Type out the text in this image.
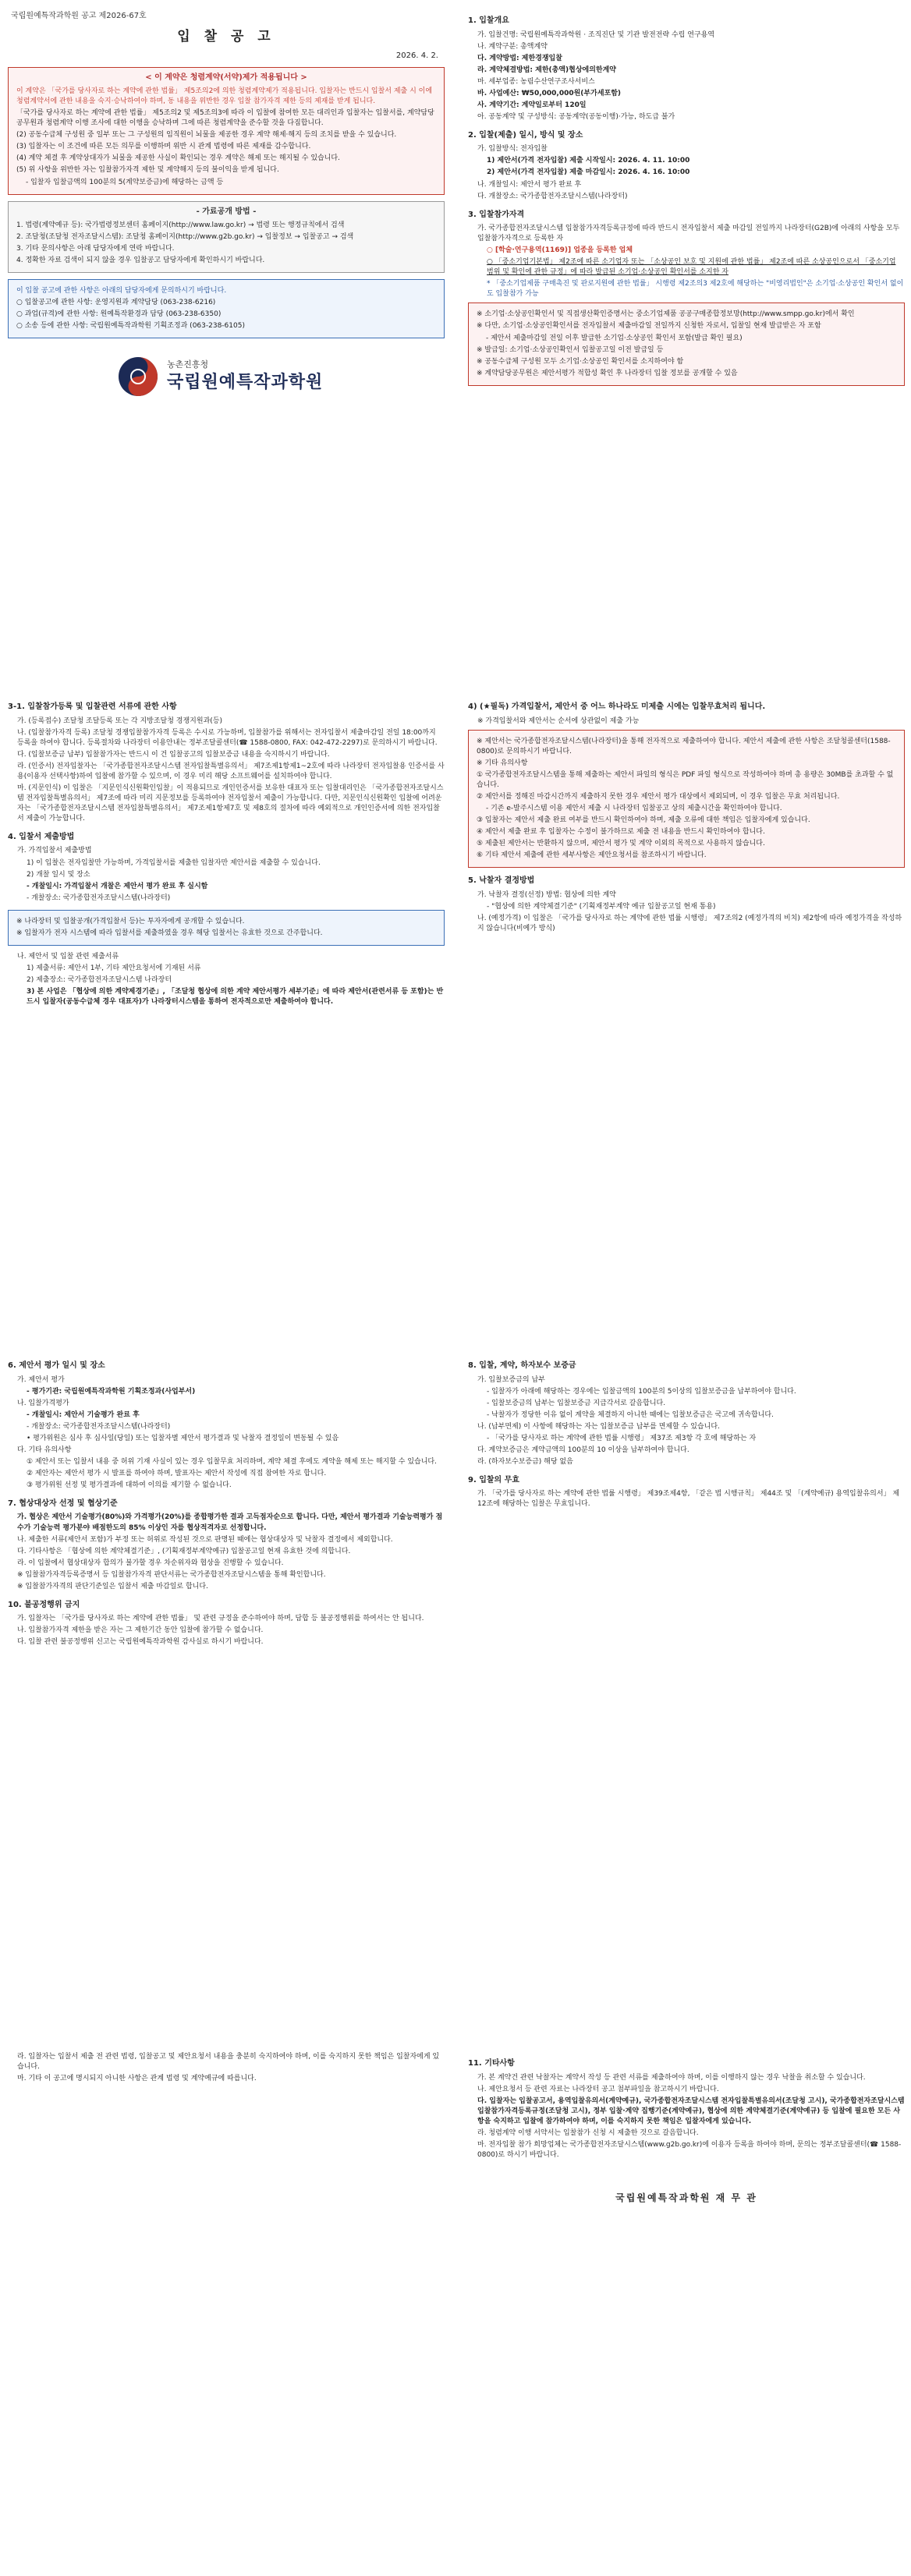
국립원예특작과학원 공고 제2026-67호
입 찰 공 고
2026. 4. 2.
< 이 계약은 청렴계약(서약)제가 적용됩니다 >
이 계약은 「국가를 당사자로 하는 계약에 관한 법률」 제5조의2에 의한 청렴계약제가 적용됩니다. 입찰자는 반드시 입찰서 제출 시 이에 청렴계약서에 관한 내용을 숙지·승낙하여야 하며, 동 내용을 위반한 경우 입찰 참가자격 제한 등의 제재를 받게 됩니다.
「국가를 당사자로 하는 계약에 관한 법률」 제5조의2 및 제5조의3에 따라 이 입찰에 참여한 모든 대리인과 입찰자는 입찰서를, 계약담당공무원과 청렴계약 이행 조사에 대한 이행을 승낙하며 그에 따른 청렴계약을 준수할 것을 다짐합니다.
(2) 공동수급체 구성원 중 일부 또는 그 구성원의 임직원이 뇌물을 제공한 경우 계약 해제·해지 등의 조치를 받을 수 있습니다.
(3) 입찰자는 이 조건에 따른 모든 의무를 이행하며 위반 시 관계 법령에 따른 제재를 감수합니다.
(4) 계약 체결 후 계약상대자가 뇌물을 제공한 사실이 확인되는 경우 계약은 해제 또는 해지될 수 있습니다.
(5) 위 사항을 위반한 자는 입찰참가자격 제한 및 계약해지 등의 불이익을 받게 됩니다.
- 입찰자 입찰금액의 100분의 5(계약보증금)에 해당하는 금액 등
- 가료공개 방법 -
1. 법령(계약예규 등): 국가법령정보센터 홈페이지(http://www.law.go.kr) → 법령 또는 행정규칙에서 검색
2. 조달청(조달청 전자조달시스템): 조달청 홈페이지(http://www.g2b.go.kr) → 입찰정보 → 입찰공고 → 검색
3. 기타 문의사항은 아래 담당자에게 연락 바랍니다.
4. 정확한 자료 검색이 되지 않을 경우 입찰공고 담당자에게 확인하시기 바랍니다.
이 입찰 공고에 관한 사항은 아래의 담당자에게 문의하시기 바랍니다.
○ 입찰공고에 관한 사항: 운영지원과 계약담당 (063-238-6216)
○ 과업(규격)에 관한 사항: 원예특작환경과 담당 (063-238-6350)
○ 소송 등에 관한 사항: 국립원예특작과학원 기획조정과 (063-238-6105)
농촌진흥청
국립원예특작과학원
1. 입찰개요
가. 입찰건명: 국립원예특작과학원 · 조직진단 및 기관 발전전략 수립 연구용역
나. 계약구분: 총액계약
다. 계약방법: 제한경쟁입찰
라. 계약체결방법: 제한(총액)협상에의한계약
마. 세부업종: 농림수산연구조사서비스
바. 사업예산: ₩50,000,000원(부가세포함)
사. 계약기간: 계약일로부터 120일
아. 공동계약 및 구성방식: 공동계약(공동이행)·가능, 하도급 불가
2. 입찰(제출) 일시, 방식 및 장소
가. 입찰방식: 전자입찰
1) 제안서(가격 전자입찰) 제출 시작일시: 2026. 4. 11. 10:00
2) 제안서(가격 전자입찰) 제출 마감일시: 2026. 4. 16. 10:00
나. 개찰일시: 제안서 평가 완료 후
다. 개찰장소: 국가종합전자조달시스템(나라장터)
3. 입찰참가자격
가. 국가종합전자조달시스템 입찰참가자격등록규정에 따라 반드시 전자입찰서 제출 마감일 전일까지 나라장터(G2B)에 아래의 사항을 모두 입찰참가자격으로 등록한 자
○ [학술·연구용역(1169)] 업종을 등록한 업체
○ 「중소기업기본법」 제2조에 따른 소기업자 또는 「소상공인 보호 및 지원에 관한 법률」 제2조에 따른 소상공인으로서 「중소기업 범위 및 확인에 관한 규정」에 따라 발급된 소기업·소상공인 확인서를 소지한 자
* 「중소기업제품 구매촉진 및 판로지원에 관한 법률」 시행령 제2조의3 제2호에 해당하는 "비영리법인"은 소기업·소상공인 확인서 없이도 입찰참가 가능
※ 소기업·소상공인확인서 및 직접생산확인증명서는 중소기업제품 공공구매종합정보망(http://www.smpp.go.kr)에서 확인
※ 다만, 소기업·소상공인확인서를 전자입찰서 제출마감일 전일까지 신청한 자로서, 입찰일 현재 발급받은 자 포함
- 제안서 제출마감일 전일 이후 발급한 소기업·소상공인 확인서 포함(발급 확인 필요)
※ 발급일: 소기업·소상공인확인서 입찰공고일 이전 발급일 등
※ 공동수급체 구성원 모두 소기업·소상공인 확인서를 소지하여야 함
※ 계약담당공무원은 제안서평가 적합성 확인 후 나라장터 입찰 정보를 공개할 수 있음
3-1. 입찰참가등록 및 입찰관련 서류에 관한 사항
가. (등록접수) 조달청 조달등록 또는 각 지방조달청 경쟁지원과(등)
나. (입찰참가자격 등록) 조달청 경쟁입찰참가자격 등록은 수시로 가능하며, 입찰참가를 위해서는 전자입찰서 제출마감일 전일 18:00까지 등록을 하여야 합니다. 등록절차와 나라장터 이용안내는 정부조달콜센터(☎ 1588-0800, FAX: 042-472-2297)로 문의하시기 바랍니다.
다. (입찰보증금 납부) 입찰참가자는 반드시 이 건 입찰공고의 입찰보증금 내용을 숙지하시기 바랍니다.
라. (인증서) 전자입찰자는 「국가종합전자조달시스템 전자입찰특별유의서」 제7조제1항제1~2호에 따라 나라장터 전자입찰용 인증서를 사용(이용자 선택사항)하여 입찰에 참가할 수 있으며, 이 경우 미리 해당 소프트웨어를 설치하여야 합니다.
마. (지문인식) 이 입찰은 「지문인식신원확인입찰」이 적용되므로 개인인증서를 보유한 대표자 또는 입찰대리인은 「국가종합전자조달시스템 전자입찰특별유의서」 제7조에 따라 미리 지문정보를 등록하여야 전자입찰서 제출이 가능합니다. 다만, 지문인식신원확인 입찰에 어려운 자는 「국가종합전자조달시스템 전자입찰특별유의서」 제7조제1항제7호 및 제8호의 절차에 따라 예외적으로 개인인증서에 의한 전자입찰서 제출이 가능합니다.
4. 입찰서 제출방법
가. 가격입찰서 제출방법
1) 이 입찰은 전자입찰만 가능하며, 가격입찰서를 제출한 입찰자만 제안서를 제출할 수 있습니다.
2) 개찰 일시 및 장소
- 개찰일시: 가격입찰서 개찰은 제안서 평가 완료 후 실시함
- 개찰장소: 국가종합전자조달시스템(나라장터)
※ 나라장터 및 입찰공개(가격입찰서 등)는 투자자에게 공개할 수 있습니다.
※ 입찰자가 전자 시스템에 따라 입찰서를 제출하였을 경우 해당 입찰서는 유효한 것으로 간주합니다.
나. 제안서 및 입찰 관련 제출서류
1) 제출서류: 제안서 1부, 기타 제안요청서에 기재된 서류
2) 제출장소: 국가종합전자조달시스템 나라장터
3) 본 사업은 「협상에 의한 계약제경기준」, 「조달청 협상에 의한 계약 제안서평가 세부기준」에 따라 제안서(관련서류 등 포함)는 반드시 입찰자(공동수급체 경우 대표자)가 나라장터시스템을 통하여 전자적으로만 제출하여야 합니다.
4) (★필독) 가격입찰서, 제안서 중 어느 하나라도 미제출 시에는 입찰무효처리 됩니다.
※ 가격입찰서와 제안서는 순서에 상관없이 제출 가능
※ 제안서는 국가종합전자조달시스템(나라장터)을 통해 전자적으로 제출하여야 합니다. 제안서 제출에 관한 사항은 조달청콜센터(1588-0800)로 문의하시기 바랍니다.
※ 기타 유의사항
① 국가종합전자조달시스템을 통해 제출하는 제안서 파일의 형식은 PDF 파일 형식으로 작성하여야 하며 총 용량은 30MB를 초과할 수 없습니다.
② 제안서를 정해진 마감시간까지 제출하지 못한 경우 제안서 평가 대상에서 제외되며, 이 경우 입찰은 무효 처리됩니다.
- 기존 e-발주시스템 이용 제안서 제출 시 나라장터 입찰공고 상의 제출시간을 확인하여야 합니다.
③ 입찰자는 제안서 제출 완료 여부를 반드시 확인하여야 하며, 제출 오류에 대한 책임은 입찰자에게 있습니다.
④ 제안서 제출 완료 후 입찰자는 수정이 불가하므로 제출 전 내용을 반드시 확인하여야 합니다.
⑤ 제출된 제안서는 반환하지 않으며, 제안서 평가 및 계약 이외의 목적으로 사용하지 않습니다.
⑥ 기타 제안서 제출에 관한 세부사항은 제안요청서를 참조하시기 바랍니다.
5. 낙찰자 결정방법
가. 낙찰자 결정(선정) 방법: 협상에 의한 계약
- "협상에 의한 계약체결기준" (기획재정부계약 예규 입찰공고일 현재 통용)
나. (예정가격) 이 입찰은 「국가를 당사자로 하는 계약에 관한 법률 시행령」 제7조의2 (예정가격의 비치) 제2항에 따라 예정가격을 작성하지 않습니다(비예가 방식)
6. 제안서 평가 일시 및 장소
가. 제안서 평가
- 평가기관: 국립원예특작과학원 기획조정과(사업부서)
나. 입찰가격평가
- 개찰일시: 제안서 기술평가 완료 후
- 개찰장소: 국가종합전자조달시스템(나라장터)
• 평가위원은 심사 후 심사일(당일) 또는 입찰자별 제안서 평가결과 및 낙찰자 결정일이 변동될 수 있음
다. 기타 유의사항
① 제안서 또는 입찰서 내용 중 허위 기재 사실이 있는 경우 입찰무효 처리하며, 계약 체결 후에도 계약을 해제 또는 해지할 수 있습니다.
② 제안자는 제안서 평가 시 발표를 하여야 하며, 발표자는 제안서 작성에 직접 참여한 자로 합니다.
③ 평가위원 선정 및 평가결과에 대하여 이의를 제기할 수 없습니다.
7. 협상대상자 선정 및 협상기준
가. 협상은 제안서 기술평가(80%)와 가격평가(20%)를 종합평가한 결과 고득점자순으로 합니다. 다만, 제안서 평가결과 기술능력평가 점수가 기술능력 평가분야 배점한도의 85% 이상인 자를 협상적격자로 선정합니다.
나. 제출한 서류(제안서 포함)가 부정 또는 허위로 작성된 것으로 판명된 때에는 협상대상자 및 낙찰자 결정에서 제외합니다.
다. 기타사항은 「협상에 의한 계약체결기준」, (기획재정부계약예규) 입찰공고일 현재 유효한 것에 의합니다.
라. 이 입찰에서 협상대상자 합의가 불가할 경우 차순위자와 협상을 진행할 수 있습니다.
※ 입찰참가자격등록증명서 등 입찰참가자격 판단서류는 국가종합전자조달시스템을 통해 확인합니다.
※ 입찰참가자격의 판단기준일은 입찰서 제출 마감일로 합니다.
10. 불공정행위 금지
가. 입찰자는 「국가를 당사자로 하는 계약에 관한 법률」 및 관련 규정을 준수하여야 하며, 담합 등 불공정행위를 하여서는 안 됩니다.
나. 입찰참가자격 제한을 받은 자는 그 제한기간 동안 입찰에 참가할 수 없습니다.
다. 입찰 관련 불공정행위 신고는 국립원예특작과학원 감사실로 하시기 바랍니다.
8. 입찰, 계약, 하자보수 보증금
가. 입찰보증금의 납부
- 입찰자가 아래에 해당하는 경우에는 입찰금액의 100분의 5이상의 입찰보증금을 납부하여야 합니다.
- 입찰보증금의 납부는 입찰보증금 지급각서로 갈음합니다.
- 낙찰자가 정당한 이유 없이 계약을 체결하지 아니한 때에는 입찰보증금은 국고에 귀속합니다.
나. (납부면제) 이 사항에 해당하는 자는 입찰보증금 납부를 면제할 수 있습니다.
- 「국가를 당사자로 하는 계약에 관한 법률 시행령」 제37조 제3항 각 호에 해당하는 자
다. 계약보증금은 계약금액의 100분의 10 이상을 납부하여야 합니다.
라. (하자보수보증금) 해당 없음
9. 입찰의 무효
가. 「국가를 당사자로 하는 계약에 관한 법률 시행령」 제39조제4항, 「같은 법 시행규칙」 제44조 및 「(계약예규) 용역입찰유의서」 제12조에 해당하는 입찰은 무효입니다.
라. 입찰자는 입찰서 제출 전 관련 법령, 입찰공고 및 제안요청서 내용을 충분히 숙지하여야 하며, 이를 숙지하지 못한 책임은 입찰자에게 있습니다.
마. 기타 이 공고에 명시되지 아니한 사항은 관계 법령 및 계약예규에 따릅니다.
11. 기타사항
가. 본 계약건 관련 낙찰자는 계약서 작성 등 관련 서류를 제출하여야 하며, 이를 이행하지 않는 경우 낙찰을 취소할 수 있습니다.
나. 제안요청서 등 관련 자료는 나라장터 공고 첨부파일을 참고하시기 바랍니다.
다. 입찰자는 입찰공고서, 용역입찰유의서(계약예규), 국가종합전자조달시스템 전자입찰특별유의서(조달청 고시), 국가종합전자조달시스템 입찰참가자격등록규정(조달청 고시), 정부 입찰·계약 집행기준(계약예규), 협상에 의한 계약체결기준(계약예규) 등 입찰에 필요한 모든 사항을 숙지하고 입찰에 참가하여야 하며, 이를 숙지하지 못한 책임은 입찰자에게 있습니다.
라. 청렴계약 이행 서약서는 입찰참가 신청 시 제출한 것으로 갈음합니다.
마. 전자입찰 참가 희망업체는 국가종합전자조달시스템(www.g2b.go.kr)에 이용자 등록을 하여야 하며, 문의는 정부조달콜센터(☎ 1588-0800)로 하시기 바랍니다.
국립원예특작과학원 재 무 관
